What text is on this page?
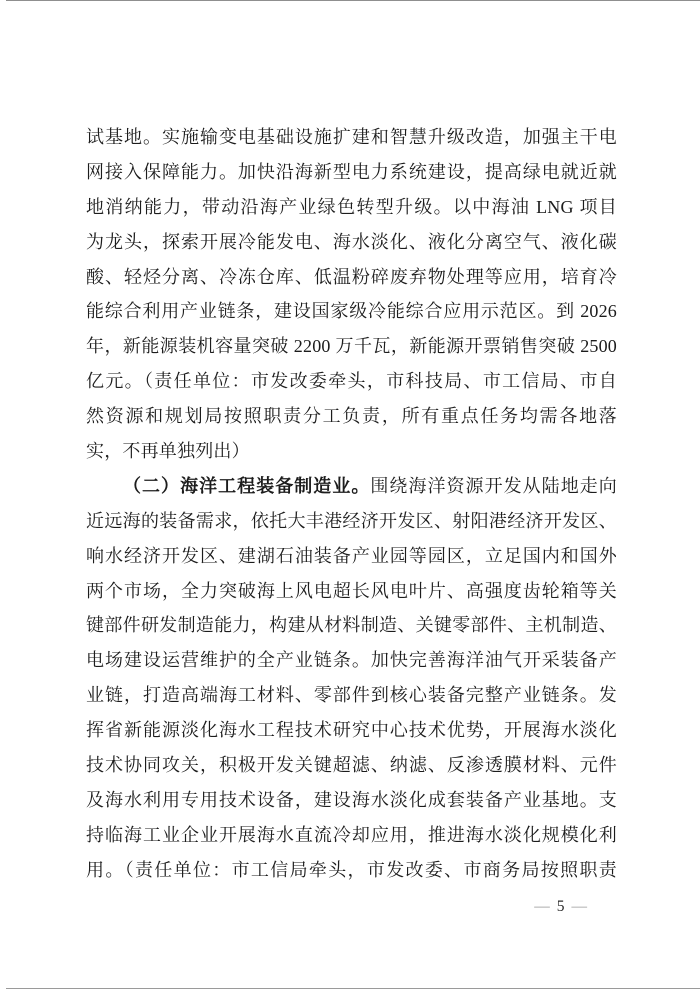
试基地。实施输变电基础设施扩建和智慧升级改造，加强主干电
网接入保障能力。加快沿海新型电力系统建设，提高绿电就近就
地消纳能力，带动沿海产业绿色转型升级。以中海油 LNG 项目
为龙头，探索开展冷能发电、海水淡化、液化分离空气、液化碳
酸、轻烃分离、冷冻仓库、低温粉碎废弃物处理等应用，培育冷
能综合利用产业链条，建设国家级冷能综合应用示范区。到 2026
年，新能源装机容量突破 2200 万千瓦，新能源开票销售突破 2500
亿元。（责任单位：市发改委牵头，市科技局、市工信局、市自
然资源和规划局按照职责分工负责，所有重点任务均需各地落
实，不再单独列出）
（二）海洋工程装备制造业。围绕海洋资源开发从陆地走向
近远海的装备需求，依托大丰港经济开发区、射阳港经济开发区、
响水经济开发区、建湖石油装备产业园等园区，立足国内和国外
两个市场，全力突破海上风电超长风电叶片、高强度齿轮箱等关
键部件研发制造能力，构建从材料制造、关键零部件、主机制造、
电场建设运营维护的全产业链条。加快完善海洋油气开采装备产
业链，打造高端海工材料、零部件到核心装备完整产业链条。发
挥省新能源淡化海水工程技术研究中心技术优势，开展海水淡化
技术协同攻关，积极开发关键超滤、纳滤、反渗透膜材料、元件
及海水利用专用技术设备，建设海水淡化成套装备产业基地。支
持临海工业企业开展海水直流冷却应用，推进海水淡化规模化利
用。（责任单位：市工信局牵头，市发改委、市商务局按照职责
— 5 —
